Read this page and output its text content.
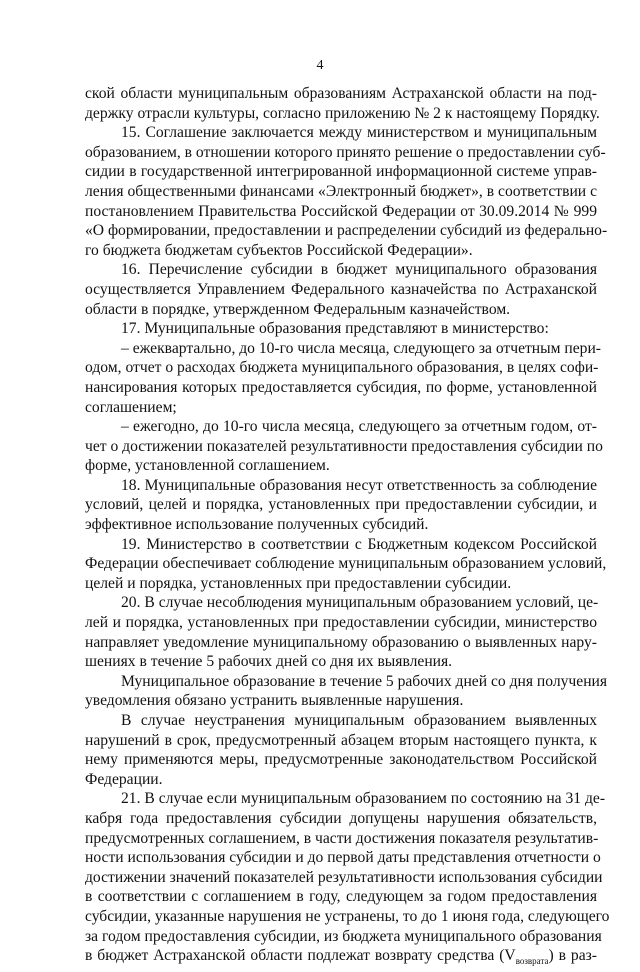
4
ской области муниципальным образованиям Астраханской области на под-
держку отрасли культуры, согласно приложению № 2 к настоящему Порядку.
15. Соглашение заключается между министерством и муниципальным
образованием, в отношении которого принято решение о предоставлении суб-
сидии в государственной интегрированной информационной системе управ-
ления общественными финансами «Электронный бюджет», в соответствии с
постановлением Правительства Российской Федерации от 30.09.2014 № 999
«О формировании, предоставлении и распределении субсидий из федерально-
го бюджета бюджетам субъектов Российской Федерации».
16. Перечисление субсидии в бюджет муниципального образования
осуществляется Управлением Федерального казначейства по Астраханской
области в порядке, утвержденном Федеральным казначейством.
17. Муниципальные образования представляют в министерство:
– ежеквартально, до 10-го числа месяца, следующего за отчетным пери-
одом, отчет о расходах бюджета муниципального образования, в целях софи-
нансирования которых предоставляется субсидия, по форме, установленной
соглашением;
– ежегодно, до 10-го числа месяца, следующего за отчетным годом, от-
чет о достижении показателей результативности предоставления субсидии по
форме, установленной соглашением.
18. Муниципальные образования несут ответственность за соблюдение
условий, целей и порядка, установленных при предоставлении субсидии, и
эффективное использование полученных субсидий.
19. Министерство в соответствии с Бюджетным кодексом Российской
Федерации обеспечивает соблюдение муниципальным образованием условий,
целей и порядка, установленных при предоставлении субсидии.
20. В случае несоблюдения муниципальным образованием условий, це-
лей и порядка, установленных при предоставлении субсидии, министерство
направляет уведомление муниципальному образованию о выявленных нару-
шениях в течение 5 рабочих дней со дня их выявления.
Муниципальное образование в течение 5 рабочих дней со дня получения
уведомления обязано устранить выявленные нарушения.
В случае неустранения муниципальным образованием выявленных
нарушений в срок, предусмотренный абзацем вторым настоящего пункта, к
нему применяются меры, предусмотренные законодательством Российской
Федерации.
21. В случае если муниципальным образованием по состоянию на 31 де-
кабря года предоставления субсидии допущены нарушения обязательств,
предусмотренных соглашением, в части достижения показателя результатив-
ности использования субсидии и до первой даты представления отчетности о
достижении значений показателей результативности использования субсидии
в соответствии с соглашением в году, следующем за годом предоставления
субсидии, указанные нарушения не устранены, то до 1 июня года, следующего
за годом предоставления субсидии, из бюджета муниципального образования
в бюджет Астраханской области подлежат возврату средства $(V_{возврата})$ в раз-
